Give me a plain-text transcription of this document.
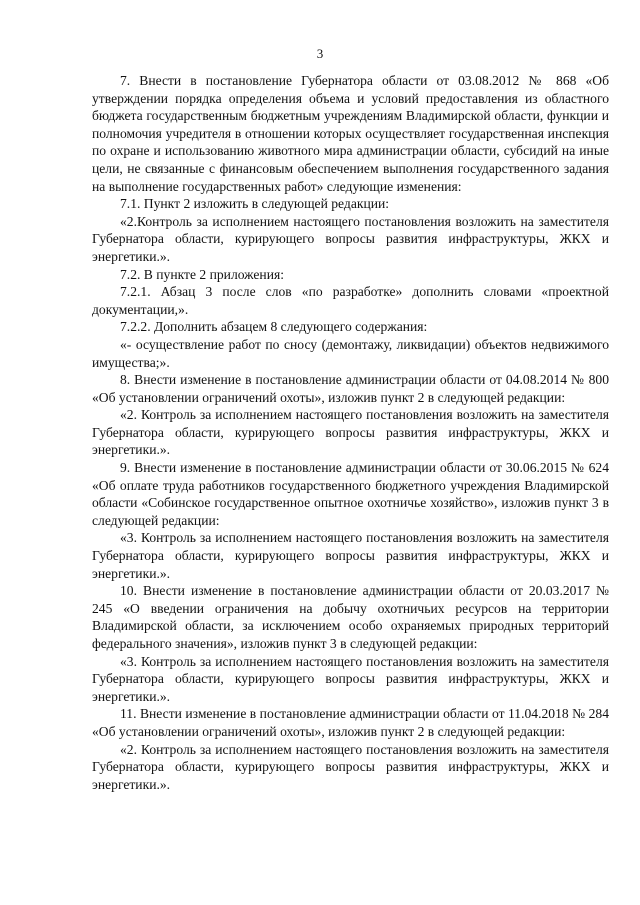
3

7. Внести в постановление Губернатора области от 03.08.2012 № 868 «Об утверждении порядка определения объема и условий предоставления из областного бюджета государственным бюджетным учреждениям Владимирской области, функции и полномочия учредителя в отношении которых осуществляет государственная инспекция по охране и использованию животного мира администрации области, субсидий на иные цели, не связанные с финансовым обеспечением выполнения государственного задания на выполнение государственных работ» следующие изменения:

7.1. Пункт 2 изложить в следующей редакции:

«2.Контроль за исполнением настоящего постановления возложить на заместителя Губернатора области, курирующего вопросы развития инфраструктуры, ЖКХ и энергетики.».

7.2. В пункте 2 приложения:

7.2.1. Абзац 3 после слов «по разработке» дополнить словами «проектной документации,».

7.2.2. Дополнить абзацем 8 следующего содержания:

«- осуществление работ по сносу (демонтажу, ликвидации) объектов недвижимого имущества;».

8. Внести изменение в постановление администрации области от 04.08.2014 № 800 «Об установлении ограничений охоты», изложив пункт 2 в следующей редакции:

«2. Контроль за исполнением настоящего постановления возложить на заместителя Губернатора области, курирующего вопросы развития инфраструктуры, ЖКХ и энергетики.».

9. Внести изменение в постановление администрации области от 30.06.2015 № 624 «Об оплате труда работников государственного бюджетного учреждения Владимирской области «Собинское государственное опытное охотничье хозяйство», изложив пункт 3 в следующей редакции:

«3. Контроль за исполнением настоящего постановления возложить на заместителя Губернатора области, курирующего вопросы развития инфраструктуры, ЖКХ и энергетики.».

10. Внести изменение в постановление администрации области от 20.03.2017 № 245 «О введении ограничения на добычу охотничьих ресурсов на территории Владимирской области, за исключением особо охраняемых природных территорий федерального значения», изложив пункт 3 в следующей редакции:

«3. Контроль за исполнением настоящего постановления возложить на заместителя Губернатора области, курирующего вопросы развития инфраструктуры, ЖКХ и энергетики.».

11. Внести изменение в постановление администрации области от 11.04.2018 № 284 «Об установлении ограничений охоты», изложив пункт 2 в следующей редакции:

«2. Контроль за исполнением настоящего постановления возложить на заместителя Губернатора области, курирующего вопросы развития инфраструктуры, ЖКХ и энергетики.».
